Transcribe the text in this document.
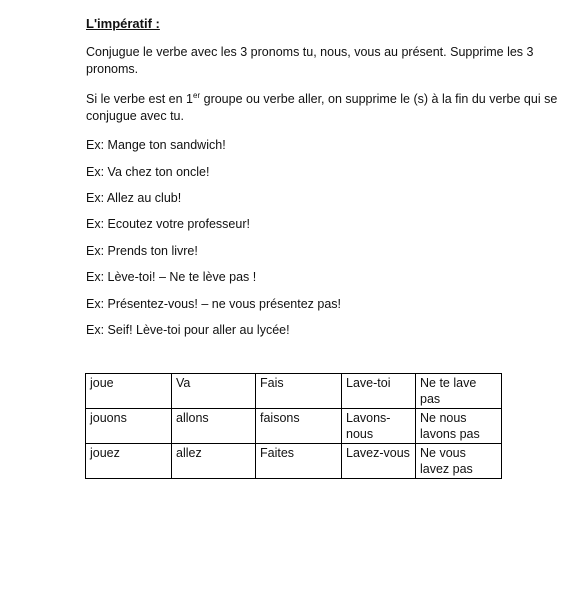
L'impératif :
Conjugue le verbe avec les 3 pronoms tu, nous, vous au présent. Supprime les 3 pronoms.
Si le verbe est en 1er groupe ou verbe aller, on supprime le (s) à la fin du verbe qui se conjugue avec tu.
Ex: Mange ton sandwich!
Ex: Va chez ton oncle!
Ex: Allez au club!
Ex: Ecoutez votre professeur!
Ex: Prends ton livre!
Ex: Lève-toi! – Ne te lève pas !
Ex: Présentez-vous! – ne vous présentez pas!
Ex: Seif! Lève-toi pour aller au lycée!
joue	Va	Fais	Lave-toi	Ne te lave pas
jouons	allons	faisons	Lavons-nous	Ne nous lavons pas
jouez	allez	Faites	Lavez-vous	Ne vous lavez pas
